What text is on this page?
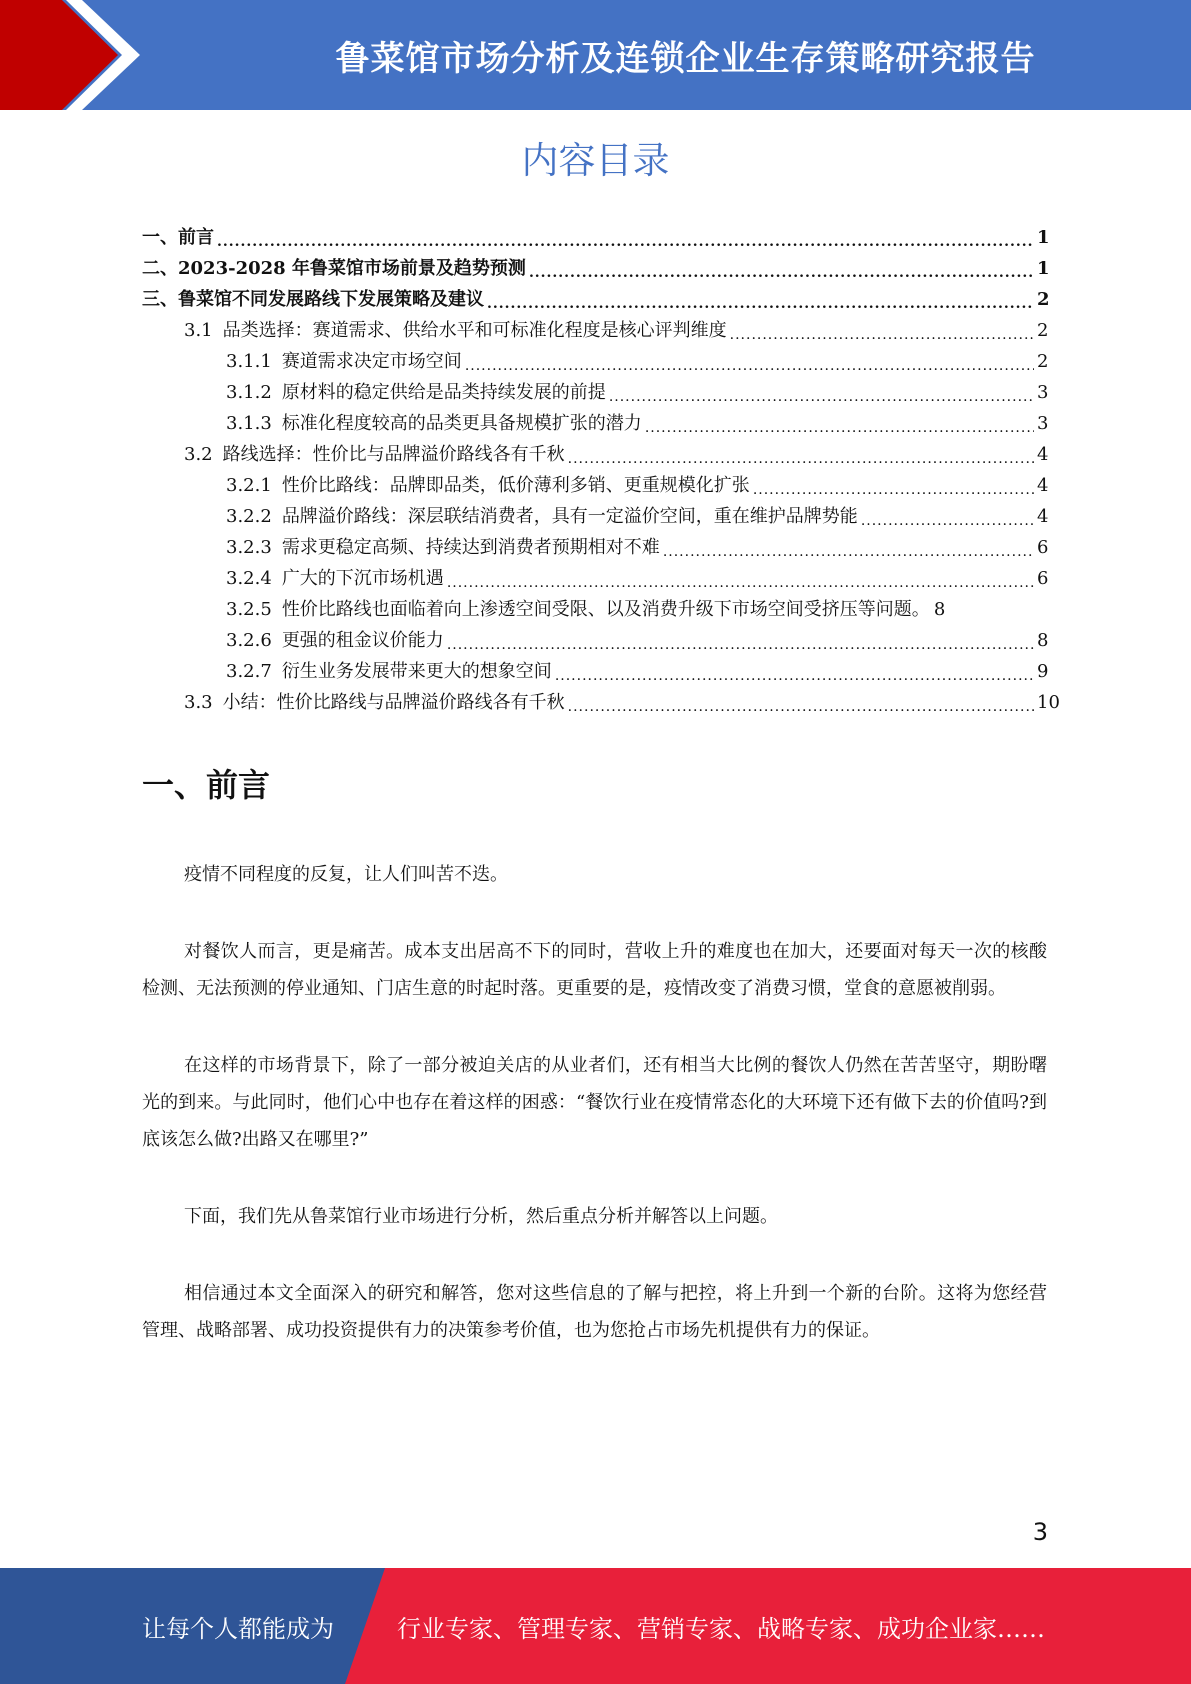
鲁菜馆市场分析及连锁企业生存策略研究报告
内容目录
一、前言 .....	1
二、2023-2028 年鲁菜馆市场前景及趋势预测 .....	1
三、鲁菜馆不同发展路线下发展策略及建议 .....	2
3.1 品类选择：赛道需求、供给水平和可标准化程度是核心评判维度 .....	2
3.1.1 赛道需求决定市场空间 .....	2
3.1.2 原材料的稳定供给是品类持续发展的前提 .....	3
3.1.3 标准化程度较高的品类更具备规模扩张的潜力 .....	3
3.2 路线选择：性价比与品牌溢价路线各有千秋 .....	4
3.2.1 性价比路线：品牌即品类，低价薄利多销、更重规模化扩张 .....	4
3.2.2 品牌溢价路线：深层联结消费者，具有一定溢价空间，重在维护品牌势能 .....	4
3.2.3 需求更稳定高频、持续达到消费者预期相对不难 .....	6
3.2.4 广大的下沉市场机遇 .....	6
3.2.5 性价比路线也面临着向上渗透空间受限、以及消费升级下市场空间受挤压等问题。 8
3.2.6 更强的租金议价能力 .....	8
3.2.7 衍生业务发展带来更大的想象空间 .....	9
3.3 小结：性价比路线与品牌溢价路线各有千秋 .....	10
一、前言

疫情不同程度的反复，让人们叫苦不迭。

对餐饮人而言，更是痛苦。成本支出居高不下的同时，营收上升的难度也在加大，还要面对每天一次的核酸检测、无法预测的停业通知、门店生意的时起时落。更重要的是，疫情改变了消费习惯，堂食的意愿被削弱。

在这样的市场背景下，除了一部分被迫关店的从业者们，还有相当大比例的餐饮人仍然在苦苦坚守，期盼曙光的到来。与此同时，他们心中也存在着这样的困惑：“餐饮行业在疫情常态化的大环境下还有做下去的价值吗?到底该怎么做?出路又在哪里?”

下面，我们先从鲁菜馆行业市场进行分析，然后重点分析并解答以上问题。

相信通过本文全面深入的研究和解答，您对这些信息的了解与把控，将上升到一个新的台阶。这将为您经营管理、战略部署、成功投资提供有力的决策参考价值，也为您抢占市场先机提供有力的保证。

3
让每个人都能成为	行业专家、管理专家、营销专家、战略专家、成功企业家……
